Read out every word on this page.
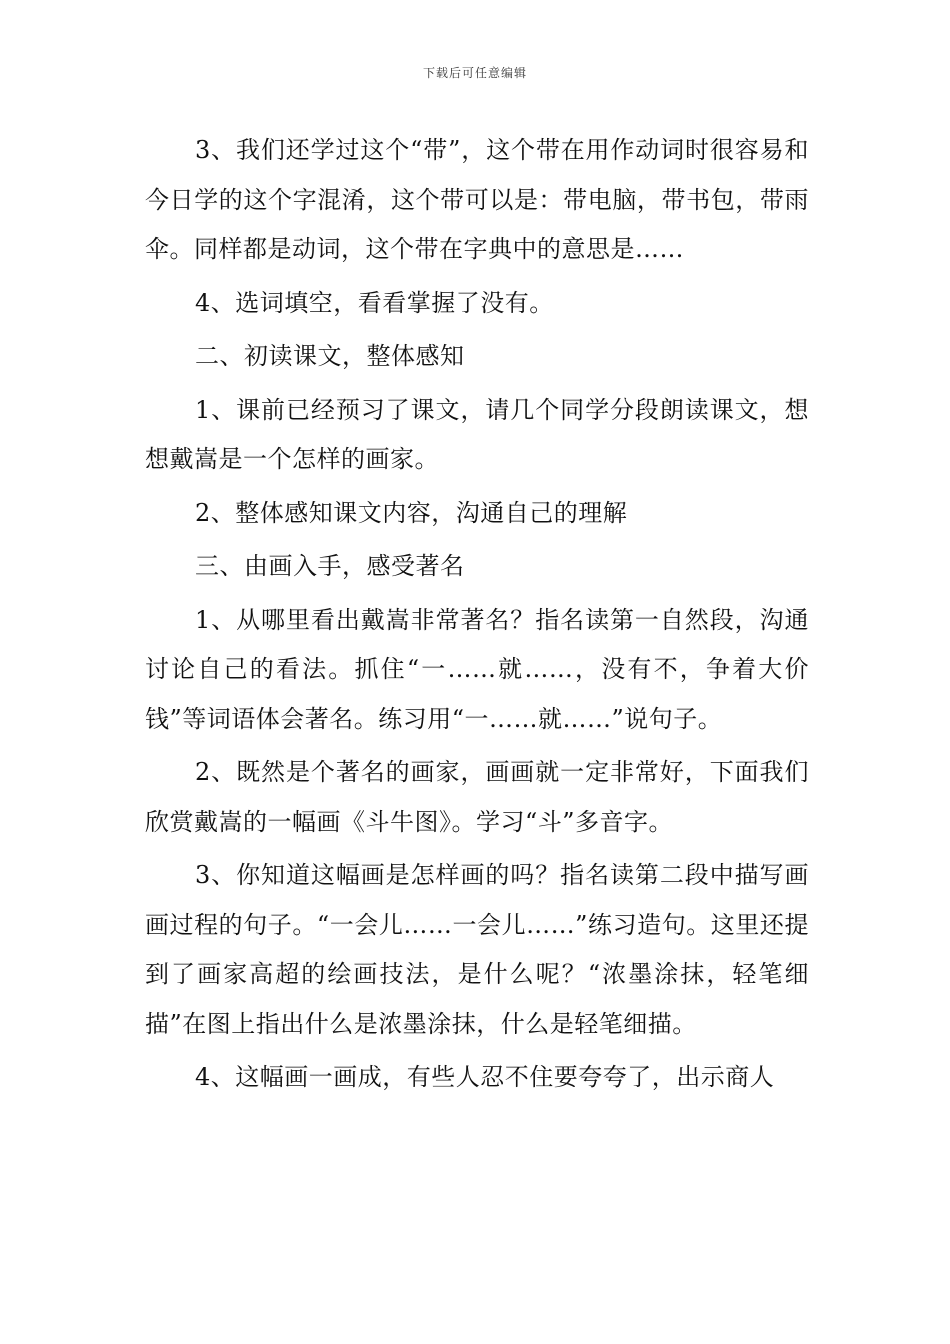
下载后可任意编辑

3、我们还学过这个“带”，这个带在用作动词时很容易和今日学的这个字混淆，这个带可以是：带电脑，带书包，带雨伞。同样都是动词，这个带在字典中的意思是……

4、选词填空，看看掌握了没有。

二、初读课文，整体感知

1、课前已经预习了课文，请几个同学分段朗读课文，想想戴嵩是一个怎样的画家。

2、整体感知课文内容，沟通自己的理解

三、由画入手，感受著名

1、从哪里看出戴嵩非常著名？指名读第一自然段，沟通讨论自己的看法。抓住“一……就……，没有不，争着大价钱”等词语体会著名。练习用“一……就……”说句子。

2、既然是个著名的画家，画画就一定非常好，下面我们欣赏戴嵩的一幅画《斗牛图》。学习“斗”多音字。

3、你知道这幅画是怎样画的吗？指名读第二段中描写画画过程的句子。“一会儿……一会儿……”练习造句。这里还提到了画家高超的绘画技法，是什么呢？“浓墨涂抹，轻笔细描”在图上指出什么是浓墨涂抹，什么是轻笔细描。

4、这幅画一画成，有些人忍不住要夸夸了，出示商人
